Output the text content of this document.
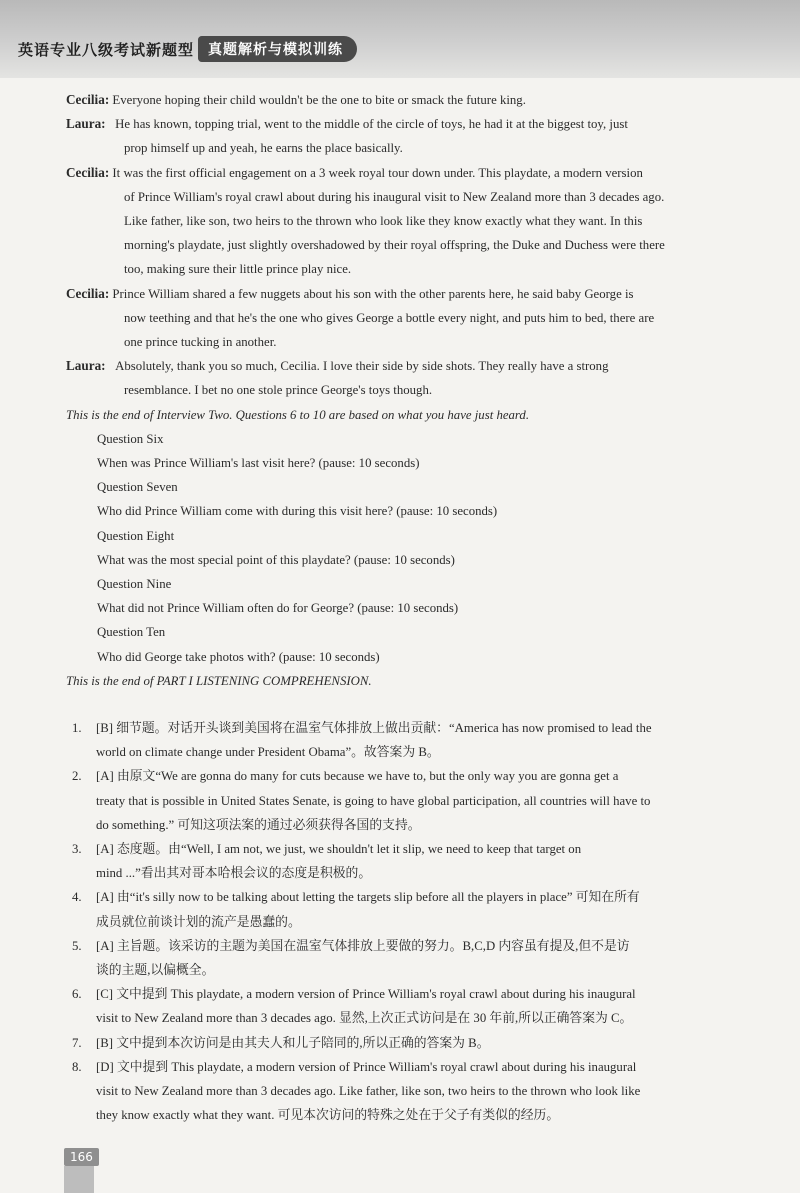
英语专业八级考试新题型 真题解析与模拟训练
Cecilia:
Everyone hoping their child wouldn't be the one to bite or smack the future king.
Laura:
He has known, topping trial, went to the middle of the circle of toys, he had it at the biggest toy, just
prop himself up and yeah, he earns the place basically.
Cecilia:
It was the first official engagement on a 3 week royal tour down under. This playdate, a modern version
of Prince William's royal crawl about during his inaugural visit to New Zealand more than 3 decades ago.
Like father, like son, two heirs to the thrown who look like they know exactly what they want. In this
morning's playdate, just slightly overshadowed by their royal offspring, the Duke and Duchess were there
too, making sure their little prince play nice.
Cecilia:
Prince William shared a few nuggets about his son with the other parents here, he said baby George is
now teething and that he's the one who gives George a bottle every night, and puts him to bed, there are
one prince tucking in another.
Laura:
Absolutely, thank you so much, Cecilia. I love their side by side shots. They really have a strong
resemblance. I bet no one stole prince George's toys though.
This is the end of Interview Two. Questions 6 to 10 are based on what you have just heard.
Question Six
When was Prince William's last visit here? (pause: 10 seconds)
Question Seven
Who did Prince William come with during this visit here? (pause: 10 seconds)
Question Eight
What was the most special point of this playdate? (pause: 10 seconds)
Question Nine
What did not Prince William often do for George? (pause: 10 seconds)
Question Ten
Who did George take photos with? (pause: 10 seconds)
This is the end of PART I LISTENING COMPREHENSION.
1. [B] 细节题。对话开头谈到美国将在温室气体排放上做出贡献：“America has now promised to lead the
world on climate change under President Obama”。故答案为 B。
2. [A] 由原文“We are gonna do many for cuts because we have to, but the only way you are gonna get a
treaty that is possible in United States Senate, is going to have global participation, all countries will have to
do something.” 可知这项法案的通过必须获得各国的支持。
3. [A] 态度题。由“Well, I am not, we just, we shouldn't let it slip, we need to keep that target on
mind ...”看出其对哥本哈根会议的态度是积极的。
4. [A] 由“it's silly now to be talking about letting the targets slip before all the players in place” 可知在所有
成员就位前谈计划的流产是愚蠢的。
5. [A] 主旨题。该采访的主题为美国在温室气体排放上要做的努力。B,C,D 内容虽有提及,但不是访
谈的主题,以偏概全。
6. [C] 文中提到 This playdate, a modern version of Prince William's royal crawl about during his inaugural
visit to New Zealand more than 3 decades ago. 显然,上次正式访问是在 30 年前,所以正确答案为 C。
7. [B] 文中提到本次访问是由其夫人和儿子陪同的,所以正确的答案为 B。
8. [D] 文中提到 This playdate, a modern version of Prince William's royal crawl about during his inaugural
visit to New Zealand more than 3 decades ago. Like father, like son, two heirs to the thrown who look like
they know exactly what they want. 可见本次访问的特殊之处在于父子有类似的经历。
166
